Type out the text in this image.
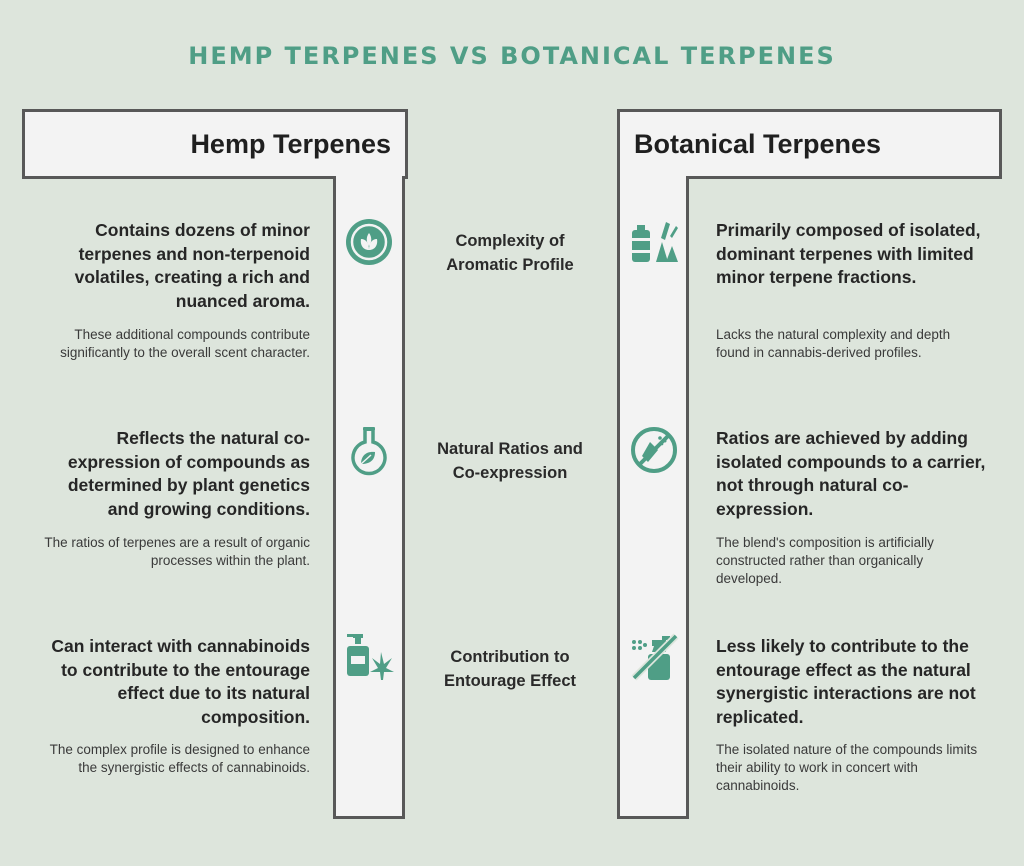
HEMP TERPENES VS BOTANICAL TERPENES
Hemp Terpenes	Botanical Terpenes
Contains dozens of minor terpenes and non-terpenoid volatiles, creating a rich and nuanced aroma.
These additional compounds contribute significantly to the overall scent character.
Complexity of Aromatic Profile
Primarily composed of isolated, dominant terpenes with limited minor terpene fractions.
Lacks the natural complexity and depth found in cannabis-derived profiles.
Reflects the natural co-expression of compounds as determined by plant genetics and growing conditions.
The ratios of terpenes are a result of organic processes within the plant.
Natural Ratios and Co-expression
Ratios are achieved by adding isolated compounds to a carrier, not through natural co-expression.
The blend's composition is artificially constructed rather than organically developed.
Can interact with cannabinoids to contribute to the entourage effect due to its natural composition.
The complex profile is designed to enhance the synergistic effects of cannabinoids.
Contribution to Entourage Effect
Less likely to contribute to the entourage effect as the natural synergistic interactions are not replicated.
The isolated nature of the compounds limits their ability to work in concert with cannabinoids.
